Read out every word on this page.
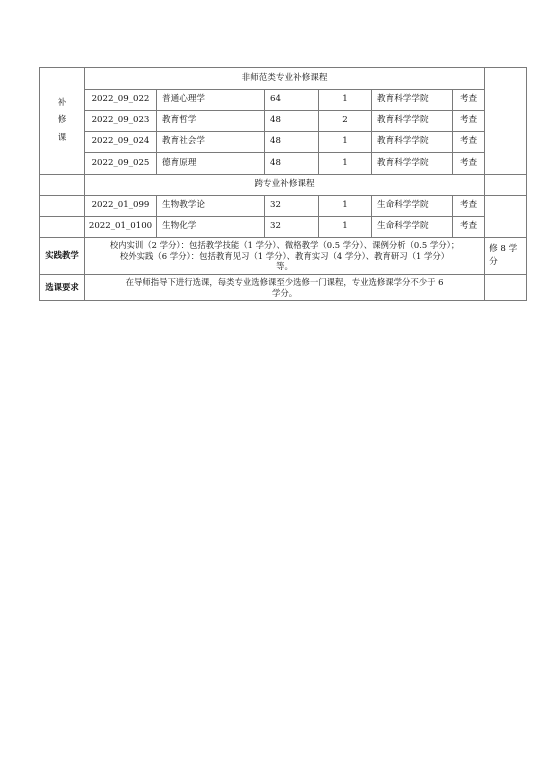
补
修
课	非师范类专业补修课程						
	2022_09_022	普通心理学	64	1	教育科学学院	考查	
	2022_09_023	教育哲学	48	2	教育科学学院	考查	
	2022_09_024	教育社会学	48	1	教育科学学院	考查	
	2022_09_025	德育原理	48	1	教育科学学院	考查	
	跨专业补修课程						
	2022_01_099	生物教学论	32	1	生命科学学院	考查	
	2022_01_0100	生物化学	32	1	生命科学学院	考查	
实践教学	校内实训（2 学分）：包括教学技能（1 学分）、微格教学（0.5 学分）、课例分析（0.5 学分）；
校外实践（6 学分）：包括教育见习（1 学分）、教育实习（4 学分）、教育研习（1 学分）
等。						修 8 学分
选课要求	在导师指导下进行选课，每类专业选修课至少选修一门课程，专业选修课学分不少于 6
学分。						
